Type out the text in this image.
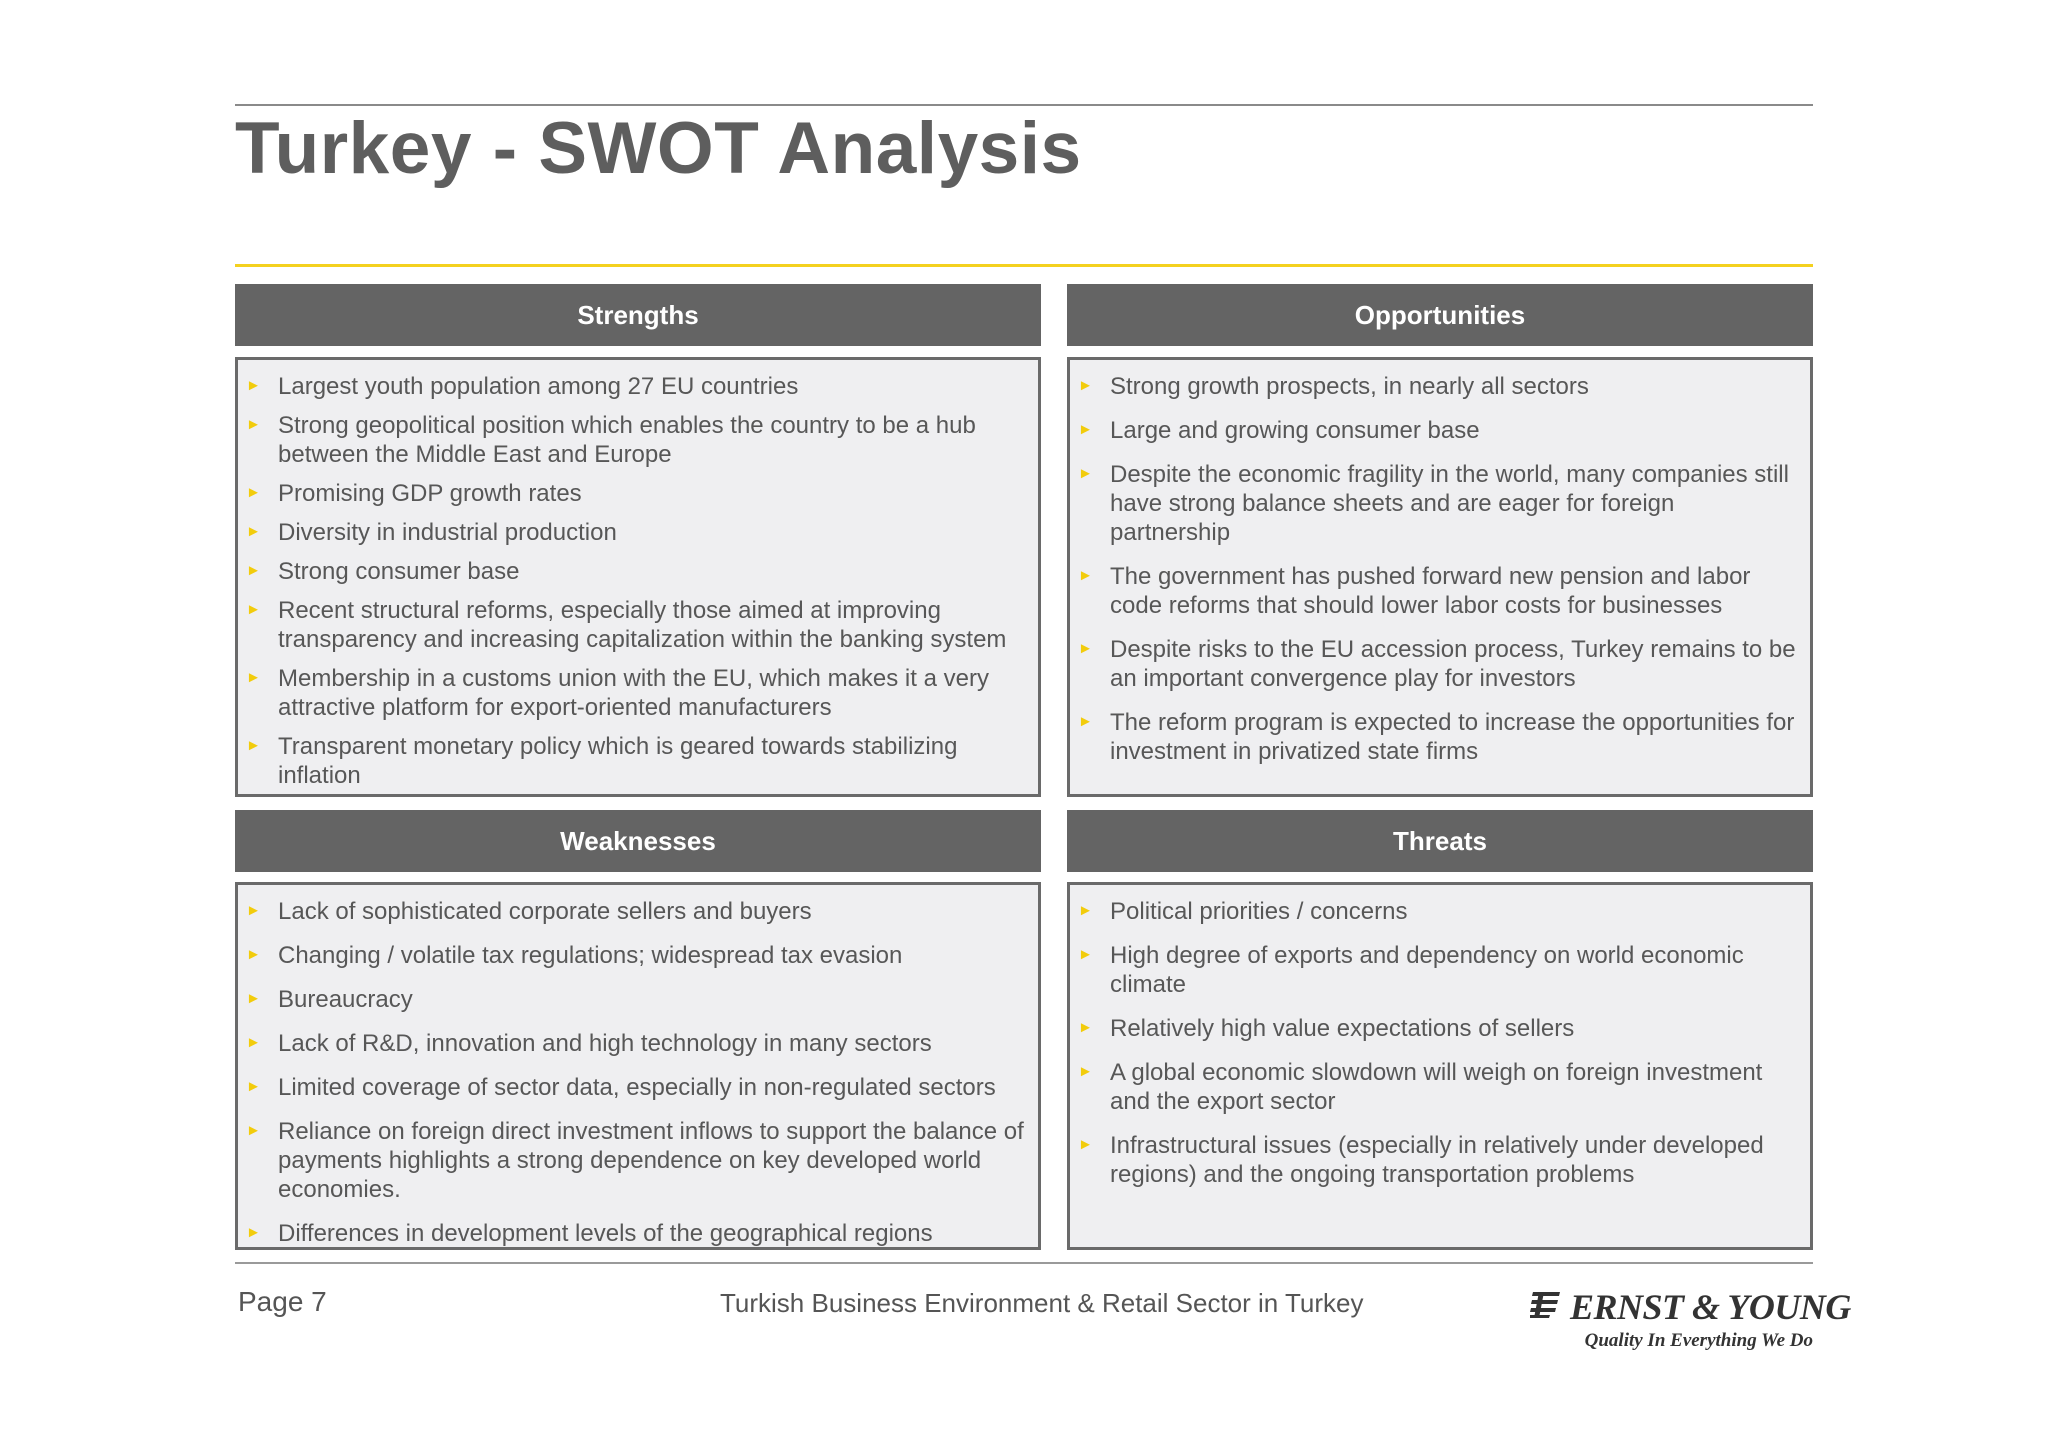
Turkey - SWOT Analysis
Strengths
► Largest youth population among 27 EU countries
► Strong geopolitical position which enables the country to be a hub between the Middle East and Europe
► Promising GDP growth rates
► Diversity in industrial production
► Strong consumer base
► Recent structural reforms, especially those aimed at improving transparency and increasing capitalization within the banking system
► Membership in a customs union with the EU, which makes it a very attractive platform for export-oriented manufacturers
► Transparent monetary policy which is geared towards stabilizing inflation
Opportunities
► Strong growth prospects, in nearly all sectors
► Large and growing consumer base
► Despite the economic fragility in the world, many companies still have strong balance sheets and are eager for foreign partnership
► The government has pushed forward new pension and labor code reforms that should lower labor costs for businesses
► Despite risks to the EU accession process, Turkey remains to be an important convergence play for investors
► The reform program is expected to increase the opportunities for investment in privatized state firms
Weaknesses
► Lack of sophisticated corporate sellers and buyers
► Changing / volatile tax regulations; widespread tax evasion
► Bureaucracy
► Lack of R&D, innovation and high technology in many sectors
► Limited coverage of sector data, especially in non-regulated sectors
► Reliance on foreign direct investment inflows to support the balance of payments highlights a strong dependence on key developed world economies.
► Differences in development levels of the geographical regions
Threats
► Political priorities / concerns
► High degree of exports and dependency on world economic climate
► Relatively high value expectations of sellers
► A global economic slowdown will weigh on foreign investment and the export sector
► Infrastructural issues (especially in relatively under developed regions) and the ongoing transportation problems
Page 7	Turkish Business Environment & Retail Sector in Turkey	ERNST & YOUNG
Quality In Everything We Do
